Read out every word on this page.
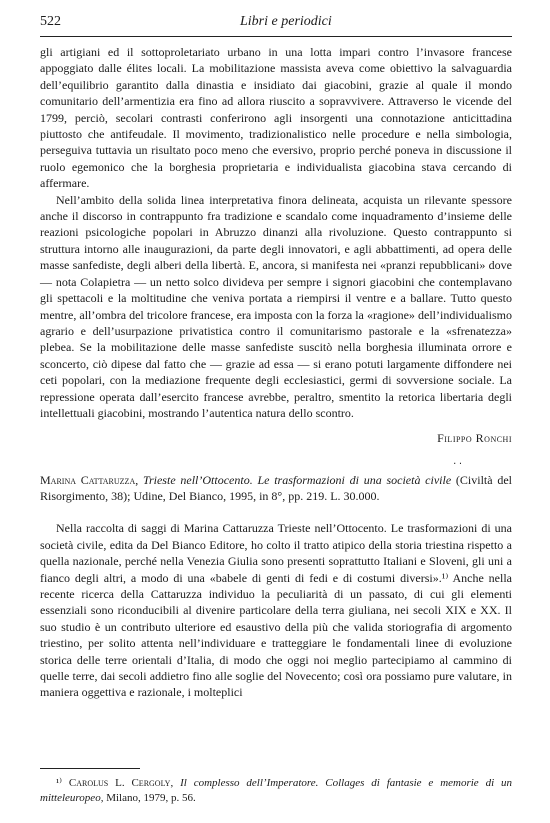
522	Libri e periodici

gli artigiani ed il sottoproletariato urbano in una lotta impari contro l’invasore francese appoggiato dalle élites locali. La mobilitazione massista aveva come obiettivo la salvaguardia dell’equilibrio garantito dalla dinastia e insidiato dai giacobini, grazie al quale il mondo comunitario dell’armentizia era fino ad allora riuscito a sopravvivere. Attraverso le vicende del 1799, perciò, secolari contrasti conferirono agli insorgenti una connotazione anticittadina piuttosto che antifeudale. Il movimento, tradizionalistico nelle procedure e nella simbologia, perseguiva tuttavia un risultato poco meno che eversivo, proprio perché poneva in discussione il ruolo egemonico che la borghesia proprietaria e individualista giacobina stava cercando di affermare.

Nell’ambito della solida linea interpretativa finora delineata, acquista un rilevante spessore anche il discorso in contrappunto fra tradizione e scandalo come inquadramento d’insieme delle reazioni psicologiche popolari in Abruzzo dinanzi alla rivoluzione. Questo contrappunto si struttura intorno alle inaugurazioni, da parte degli innovatori, e agli abbattimenti, ad opera delle masse sanfediste, degli alberi della libertà. E, ancora, si manifesta nei «pranzi repubblicani» dove — nota Colapietra — un netto solco divideva per sempre i signori giacobini che contemplavano gli spettacoli e la moltitudine che veniva portata a riempirsi il ventre e a ballare. Tutto questo mentre, all’ombra del tricolore francese, era imposta con la forza la «ragione» dell’individualismo agrario e dell’usurpazione privatistica contro il comunitarismo pastorale e la «sfrenatezza» plebea. Se la mobilitazione delle masse sanfediste suscitò nella borghesia illuminata orrore e sconcerto, ciò dipese dal fatto che — grazie ad essa — si erano potuti largamente diffondere nei ceti popolari, con la mediazione frequente degli ecclesiastici, germi di sovversione sociale. La repressione operata dall’esercito francese avrebbe, peraltro, smentito la retorica libertaria degli intellettuali giacobini, mostrando l’autentica natura dello scontro.

Filippo Ronchi

‧ ‧

Marina Cattaruzza, Trieste nell’Ottocento. Le trasformazioni di una società civile (Civiltà del Risorgimento, 38); Udine, Del Bianco, 1995, in 8°, pp. 219. L. 30.000.

Nella raccolta di saggi di Marina Cattaruzza Trieste nell’Ottocento. Le trasformazioni di una società civile, edita da Del Bianco Editore, ho colto il tratto atipico della storia triestina rispetto a quella nazionale, perché nella Venezia Giulia sono presenti soprattutto Italiani e Sloveni, gli uni a fianco degli altri, a modo di una «babele di genti di fedi e di costumi diversi».¹⁾ Anche nella recente ricerca della Cattaruzza individuo la peculiarità di un passato, di cui gli elementi essenziali sono riconducibili al divenire particolare della terra giuliana, nei secoli XIX e XX. Il suo studio è un contributo ulteriore ed esaustivo della più che valida storiografia di argomento triestino, per solito attenta nell’individuare e tratteggiare le fondamentali linee di evoluzione storica delle terre orientali d’Italia, di modo che oggi noi meglio partecipiamo al cammino di quelle terre, dai secoli addietro fino alle soglie del Novecento; così ora possiamo pure valutare, in maniera oggettiva e razionale, i molteplici

¹⁾ Carolus L. Cergoly, Il complesso dell’Imperatore. Collages di fantasie e memorie di un mitteleuropeo, Milano, 1979, p. 56.
